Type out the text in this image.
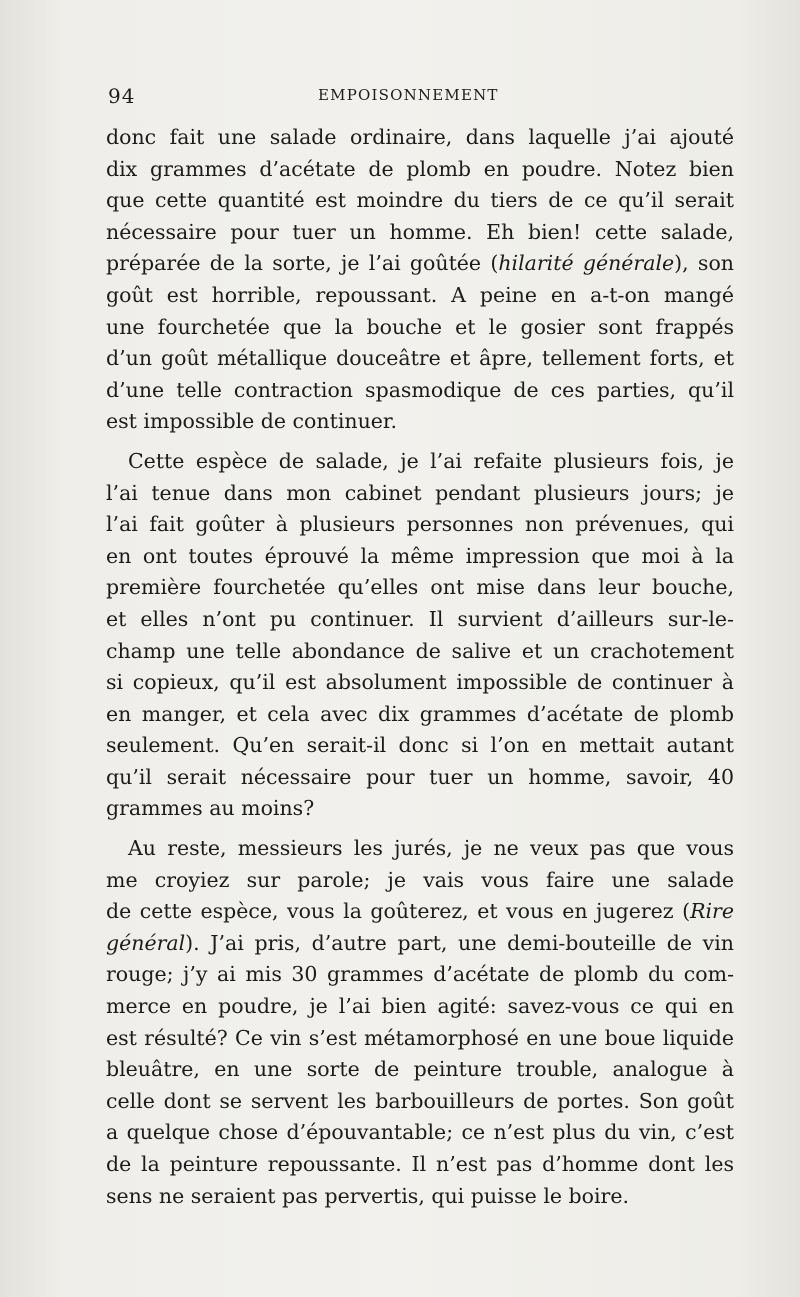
94	EMPOISONNEMENT
donc fait une salade ordinaire, dans laquelle j’ai ajouté
dix grammes d’acétate de plomb en poudre. Notez bien
que cette quantité est moindre du tiers de ce qu’il serait
nécessaire pour tuer un homme. Eh bien! cette salade,
préparée de la sorte, je l’ai goûtée (hilarité générale), son
goût est horrible, repoussant. A peine en a-t-on mangé
une fourchetée que la bouche et le gosier sont frappés
d’un goût métallique douceâtre et âpre, tellement forts, et
d’une telle contraction spasmodique de ces parties, qu’il
est impossible de continuer.
Cette espèce de salade, je l’ai refaite plusieurs fois, je
l’ai tenue dans mon cabinet pendant plusieurs jours; je
l’ai fait goûter à plusieurs personnes non prévenues, qui
en ont toutes éprouvé la même impression que moi à la
première fourchetée qu’elles ont mise dans leur bouche,
et elles n’ont pu continuer. Il survient d’ailleurs sur-le-
champ une telle abondance de salive et un crachotement
si copieux, qu’il est absolument impossible de continuer à
en manger, et cela avec dix grammes d’acétate de plomb
seulement. Qu’en serait-il donc si l’on en mettait autant
qu’il serait nécessaire pour tuer un homme, savoir, 40
grammes au moins?
Au reste, messieurs les jurés, je ne veux pas que vous
me croyiez sur parole; je vais vous faire une salade
de cette espèce, vous la goûterez, et vous en jugerez (Rire
général). J’ai pris, d’autre part, une demi-bouteille de vin
rouge; j’y ai mis 30 grammes d’acétate de plomb du com-
merce en poudre, je l’ai bien agité: savez-vous ce qui en
est résulté? Ce vin s’est métamorphosé en une boue liquide
bleuâtre, en une sorte de peinture trouble, analogue à
celle dont se servent les barbouilleurs de portes. Son goût
a quelque chose d’épouvantable; ce n’est plus du vin, c’est
de la peinture repoussante. Il n’est pas d’homme dont les
sens ne seraient pas pervertis, qui puisse le boire.
